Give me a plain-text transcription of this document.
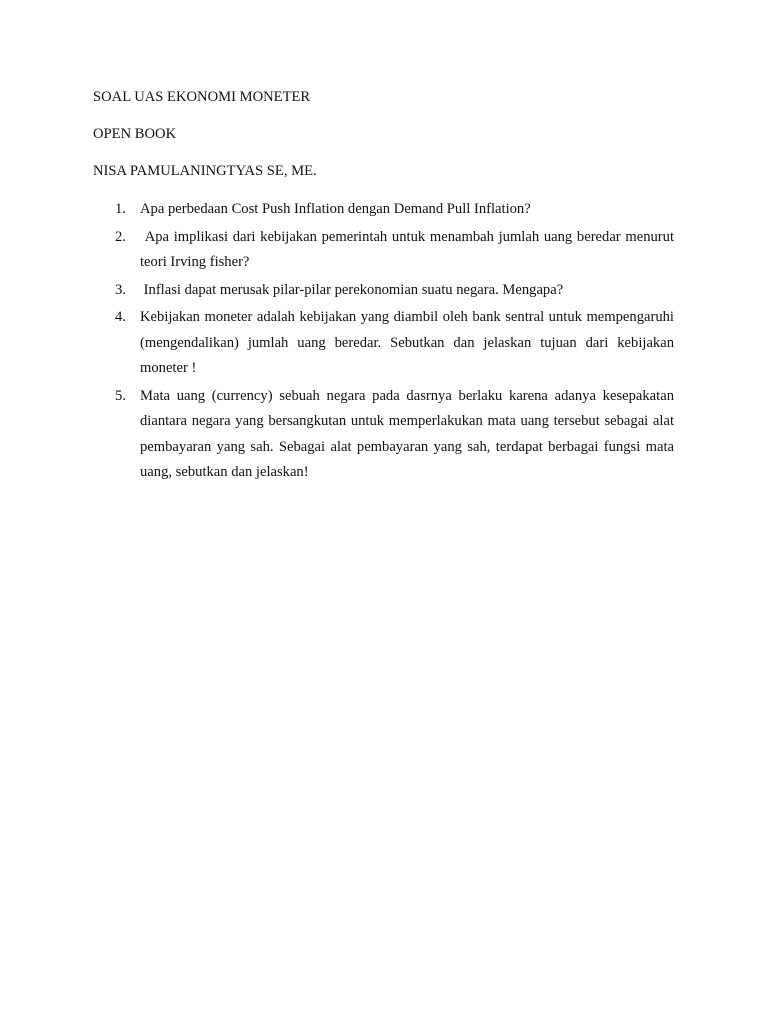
SOAL UAS EKONOMI MONETER

OPEN BOOK

NISA PAMULANINGTYAS SE, ME.

1. Apa perbedaan Cost Push Inflation dengan Demand Pull Inflation?
2. Apa implikasi dari kebijakan pemerintah untuk menambah jumlah uang beredar menurut teori Irving fisher?
3. Inflasi dapat merusak pilar-pilar perekonomian suatu negara. Mengapa?
4. Kebijakan moneter adalah kebijakan yang diambil oleh bank sentral untuk mempengaruhi (mengendalikan) jumlah uang beredar. Sebutkan dan jelaskan tujuan dari kebijakan moneter !
5. Mata uang (currency) sebuah negara pada dasrnya berlaku karena adanya kesepakatan diantara negara yang bersangkutan untuk memperlakukan mata uang tersebut sebagai alat pembayaran yang sah. Sebagai alat pembayaran yang sah, terdapat berbagai fungsi mata uang, sebutkan dan jelaskan!
